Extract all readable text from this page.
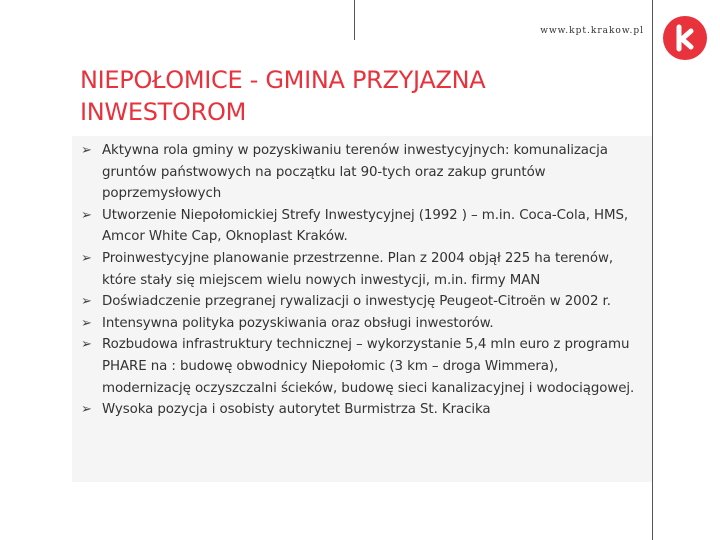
www.kpt.krakow.pl
NIEPOŁOMICE - GMINA PRZYJAZNA INWESTOROM
➢ Aktywna rola gminy w pozyskiwaniu terenów inwestycyjnych: komunalizacja gruntów państwowych na początku lat 90-tych oraz zakup gruntów poprzemysłowych
➢ Utworzenie Niepołomickiej Strefy Inwestycyjnej (1992 ) – m.in. Coca-Cola, HMS, Amcor White Cap, Oknoplast Kraków.
➢ Proinwestycyjne planowanie przestrzenne. Plan z 2004 objął 225 ha terenów, które stały się miejscem wielu nowych inwestycji, m.in. firmy MAN
➢ Doświadczenie przegranej rywalizacji o inwestycję Peugeot-Citroën w 2002 r.
➢ Intensywna polityka pozyskiwania oraz obsługi inwestorów.
➢ Rozbudowa infrastruktury technicznej – wykorzystanie 5,4 mln euro z programu PHARE na : budowę obwodnicy Niepołomic (3 km – droga Wimmera), modernizację oczyszczalni ścieków, budowę sieci kanalizacyjnej i wodociągowej.
➢ Wysoka pozycja i osobisty autorytet Burmistrza St. Kracika
